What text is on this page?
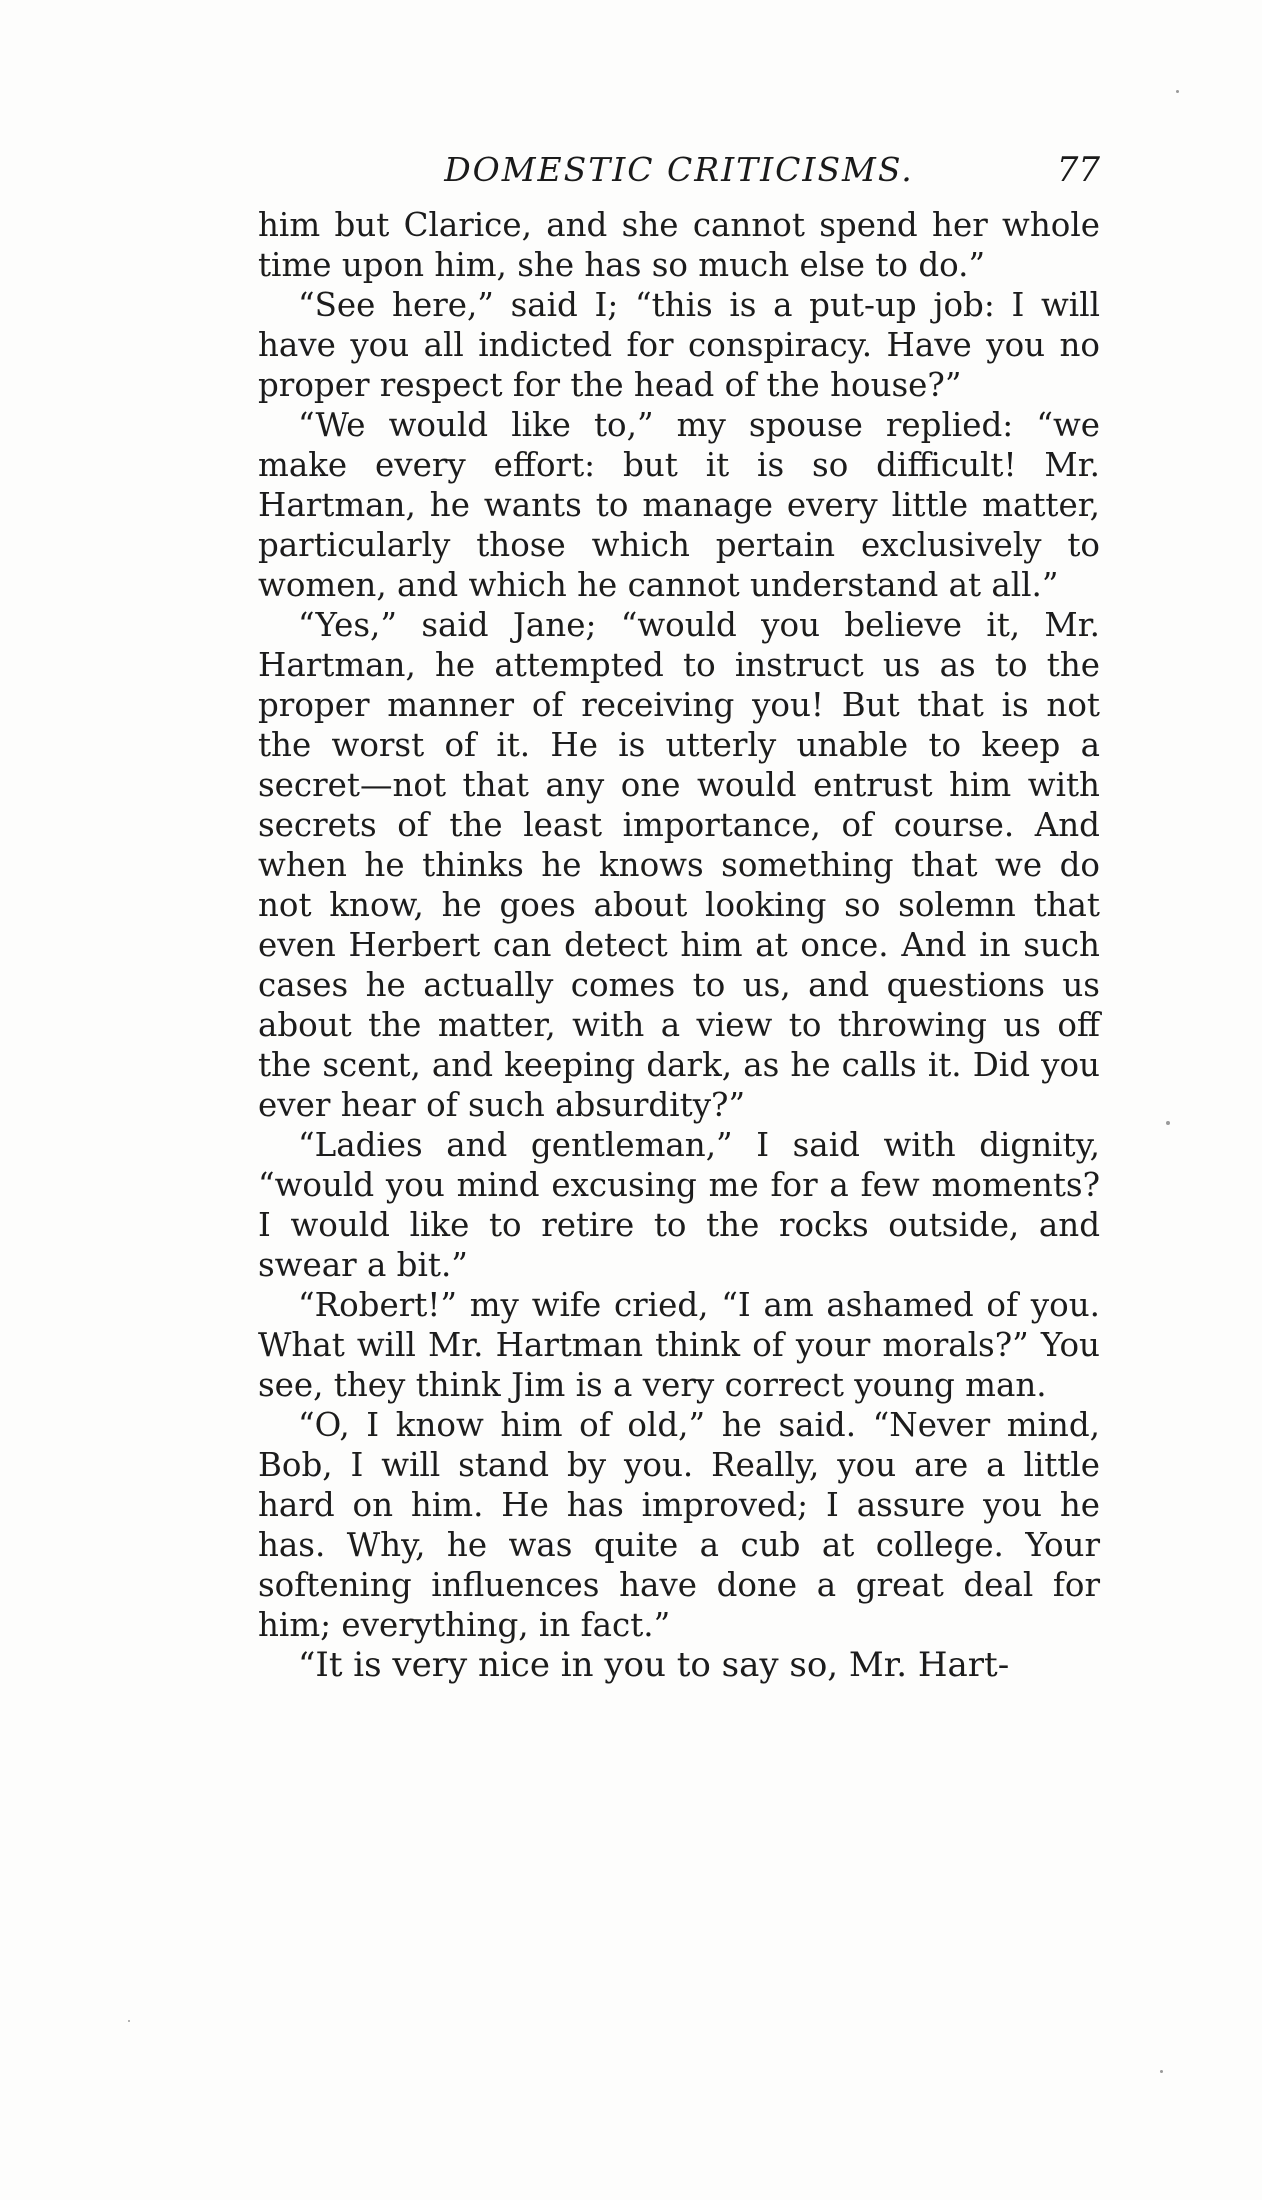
DOMESTIC CRITICISMS.	77

him but Clarice, and she cannot spend her whole time upon him, she has so much else to do.”

“See here,” said I; “this is a put-up job: I will have you all indicted for conspiracy. Have you no proper respect for the head of the house?”

“We would like to,” my spouse replied: “we make every effort: but it is so difficult! Mr. Hartman, he wants to manage every little matter, particularly those which pertain exclusively to women, and which he cannot understand at all.”

“Yes,” said Jane; “would you believe it, Mr. Hartman, he attempted to instruct us as to the proper manner of receiving you! But that is not the worst of it. He is utterly unable to keep a secret—not that any one would entrust him with secrets of the least importance, of course. And when he thinks he knows something that we do not know, he goes about looking so solemn that even Herbert can detect him at once. And in such cases he actually comes to us, and questions us about the matter, with a view to throwing us off the scent, and keeping dark, as he calls it. Did you ever hear of such absurdity?”

“Ladies and gentleman,” I said with dignity, “would you mind excusing me for a few moments? I would like to retire to the rocks outside, and swear a bit.”

“Robert!” my wife cried, “I am ashamed of you. What will Mr. Hartman think of your morals?” You see, they think Jim is a very correct young man.

“O, I know him of old,” he said. “Never mind, Bob, I will stand by you. Really, you are a little hard on him. He has improved; I assure you he has. Why, he was quite a cub at college. Your softening influences have done a great deal for him; everything, in fact.”

“It is very nice in you to say so, Mr. Hart-
